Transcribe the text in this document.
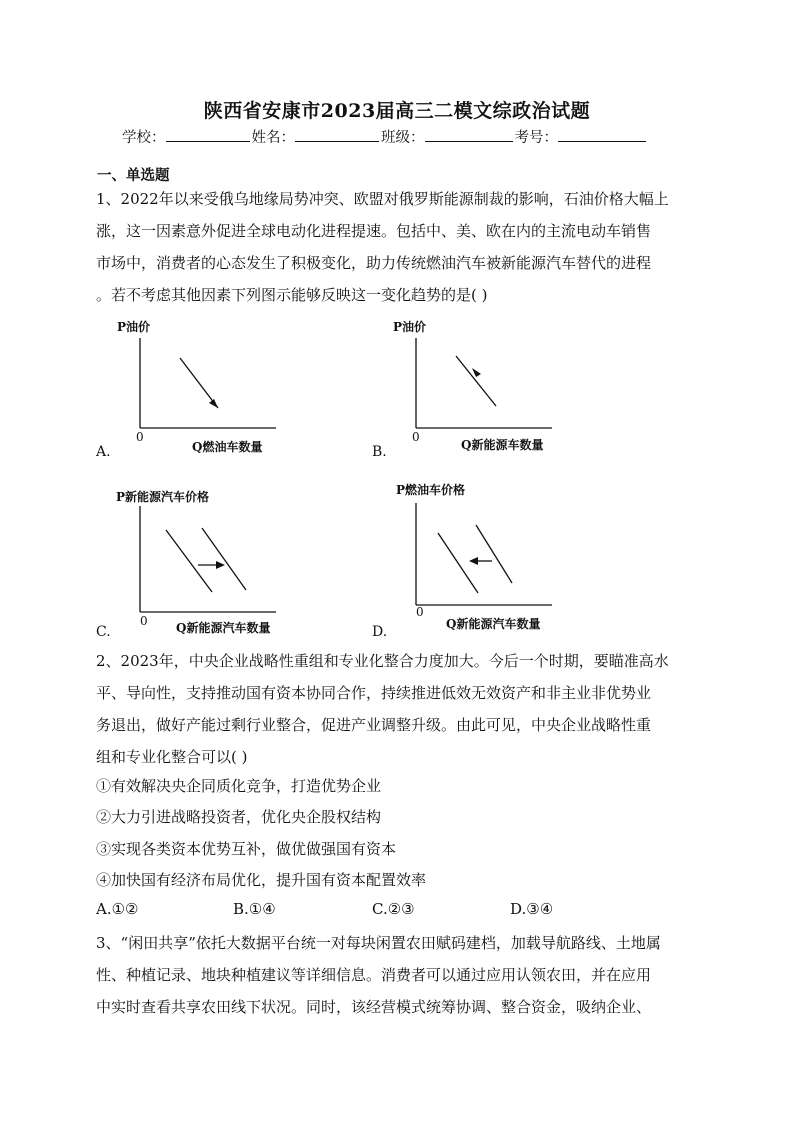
陕西省安康市2023届高三二模文综政治试题
学校：	姓名：	班级：	考号：
一、单选题
1、2022年以来受俄乌地缘局势冲突、欧盟对俄罗斯能源制裁的影响，石油价格大幅上
涨，这一因素意外促进全球电动化进程提速。包括中、美、欧在内的主流电动车销售
市场中，消费者的心态发生了积极变化，助力传统燃油汽车被新能源汽车替代的进程
。若不考虑其他因素下列图示能够反映这一变化趋势的是( )
P油价
0
Q燃油车数量
A.
P油价
0
Q新能源车数量
B.
P新能源汽车价格
0 Q新能源汽车数量
C.
P燃油车价格
0
Q新能源汽车数量
D.
2、2023年，中央企业战略性重组和专业化整合力度加大。今后一个时期，要瞄准高水
平、导向性，支持推动国有资本协同合作，持续推进低效无效资产和非主业非优势业
务退出，做好产能过剩行业整合，促进产业调整升级。由此可见，中央企业战略性重
组和专业化整合可以( )
①有效解决央企同质化竞争，打造优势企业
②大力引进战略投资者，优化央企股权结构
③实现各类资本优势互补，做优做强国有资本
④加快国有经济布局优化，提升国有资本配置效率
A.①②	B.①④	C.②③	D.③④
3、“闲田共享”依托大数据平台统一对每块闲置农田赋码建档，加载导航路线、土地属
性、种植记录、地块种植建议等详细信息。消费者可以通过应用认领农田，并在应用
中实时查看共享农田线下状况。同时，该经营模式统筹协调、整合资金，吸纳企业、
